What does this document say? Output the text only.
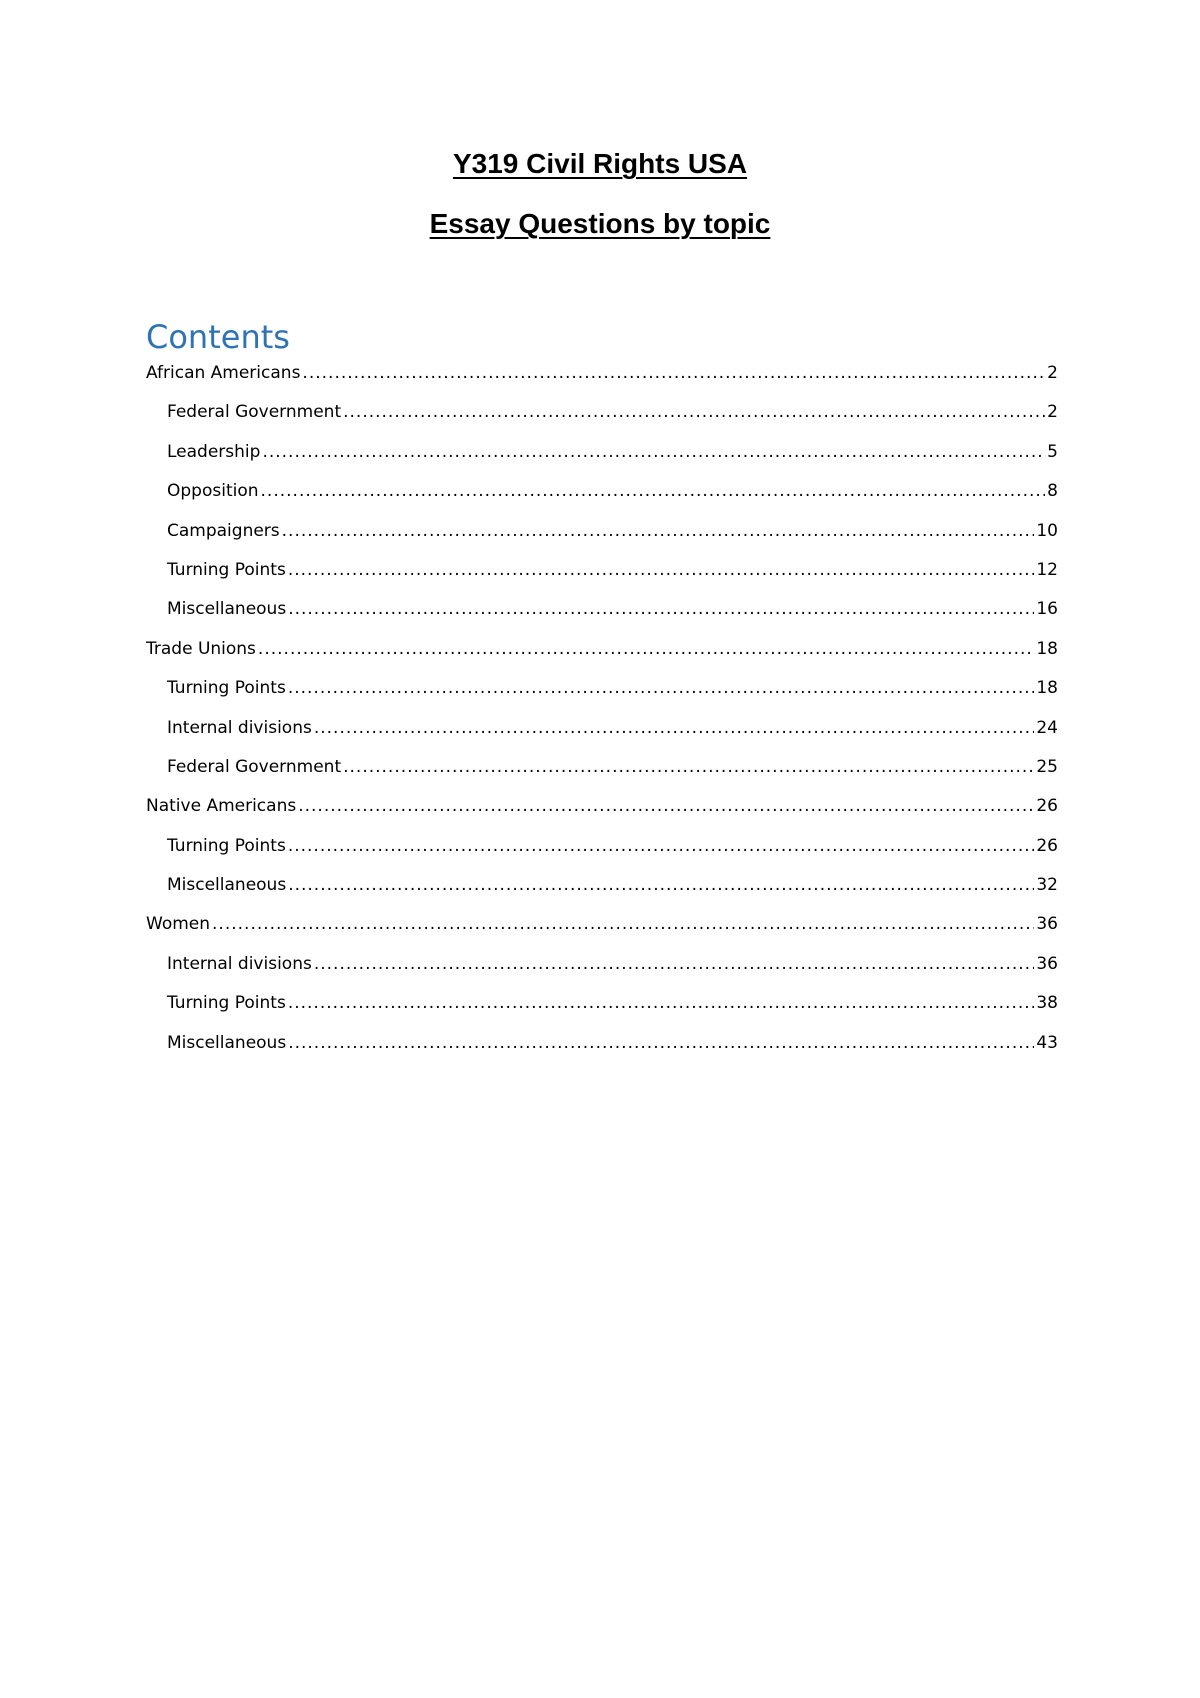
Y319 Civil Rights USA
Essay Questions by topic
Contents
African Americans .....	2
Federal Government .....	2
Leadership .....	5
Opposition .....	8
Campaigners .....	10
Turning Points .....	12
Miscellaneous .....	16
Trade Unions .....	18
Turning Points .....	18
Internal divisions .....	24
Federal Government .....	25
Native Americans .....	26
Turning Points .....	26
Miscellaneous .....	32
Women .....	36
Internal divisions .....	36
Turning Points .....	38
Miscellaneous .....	43
